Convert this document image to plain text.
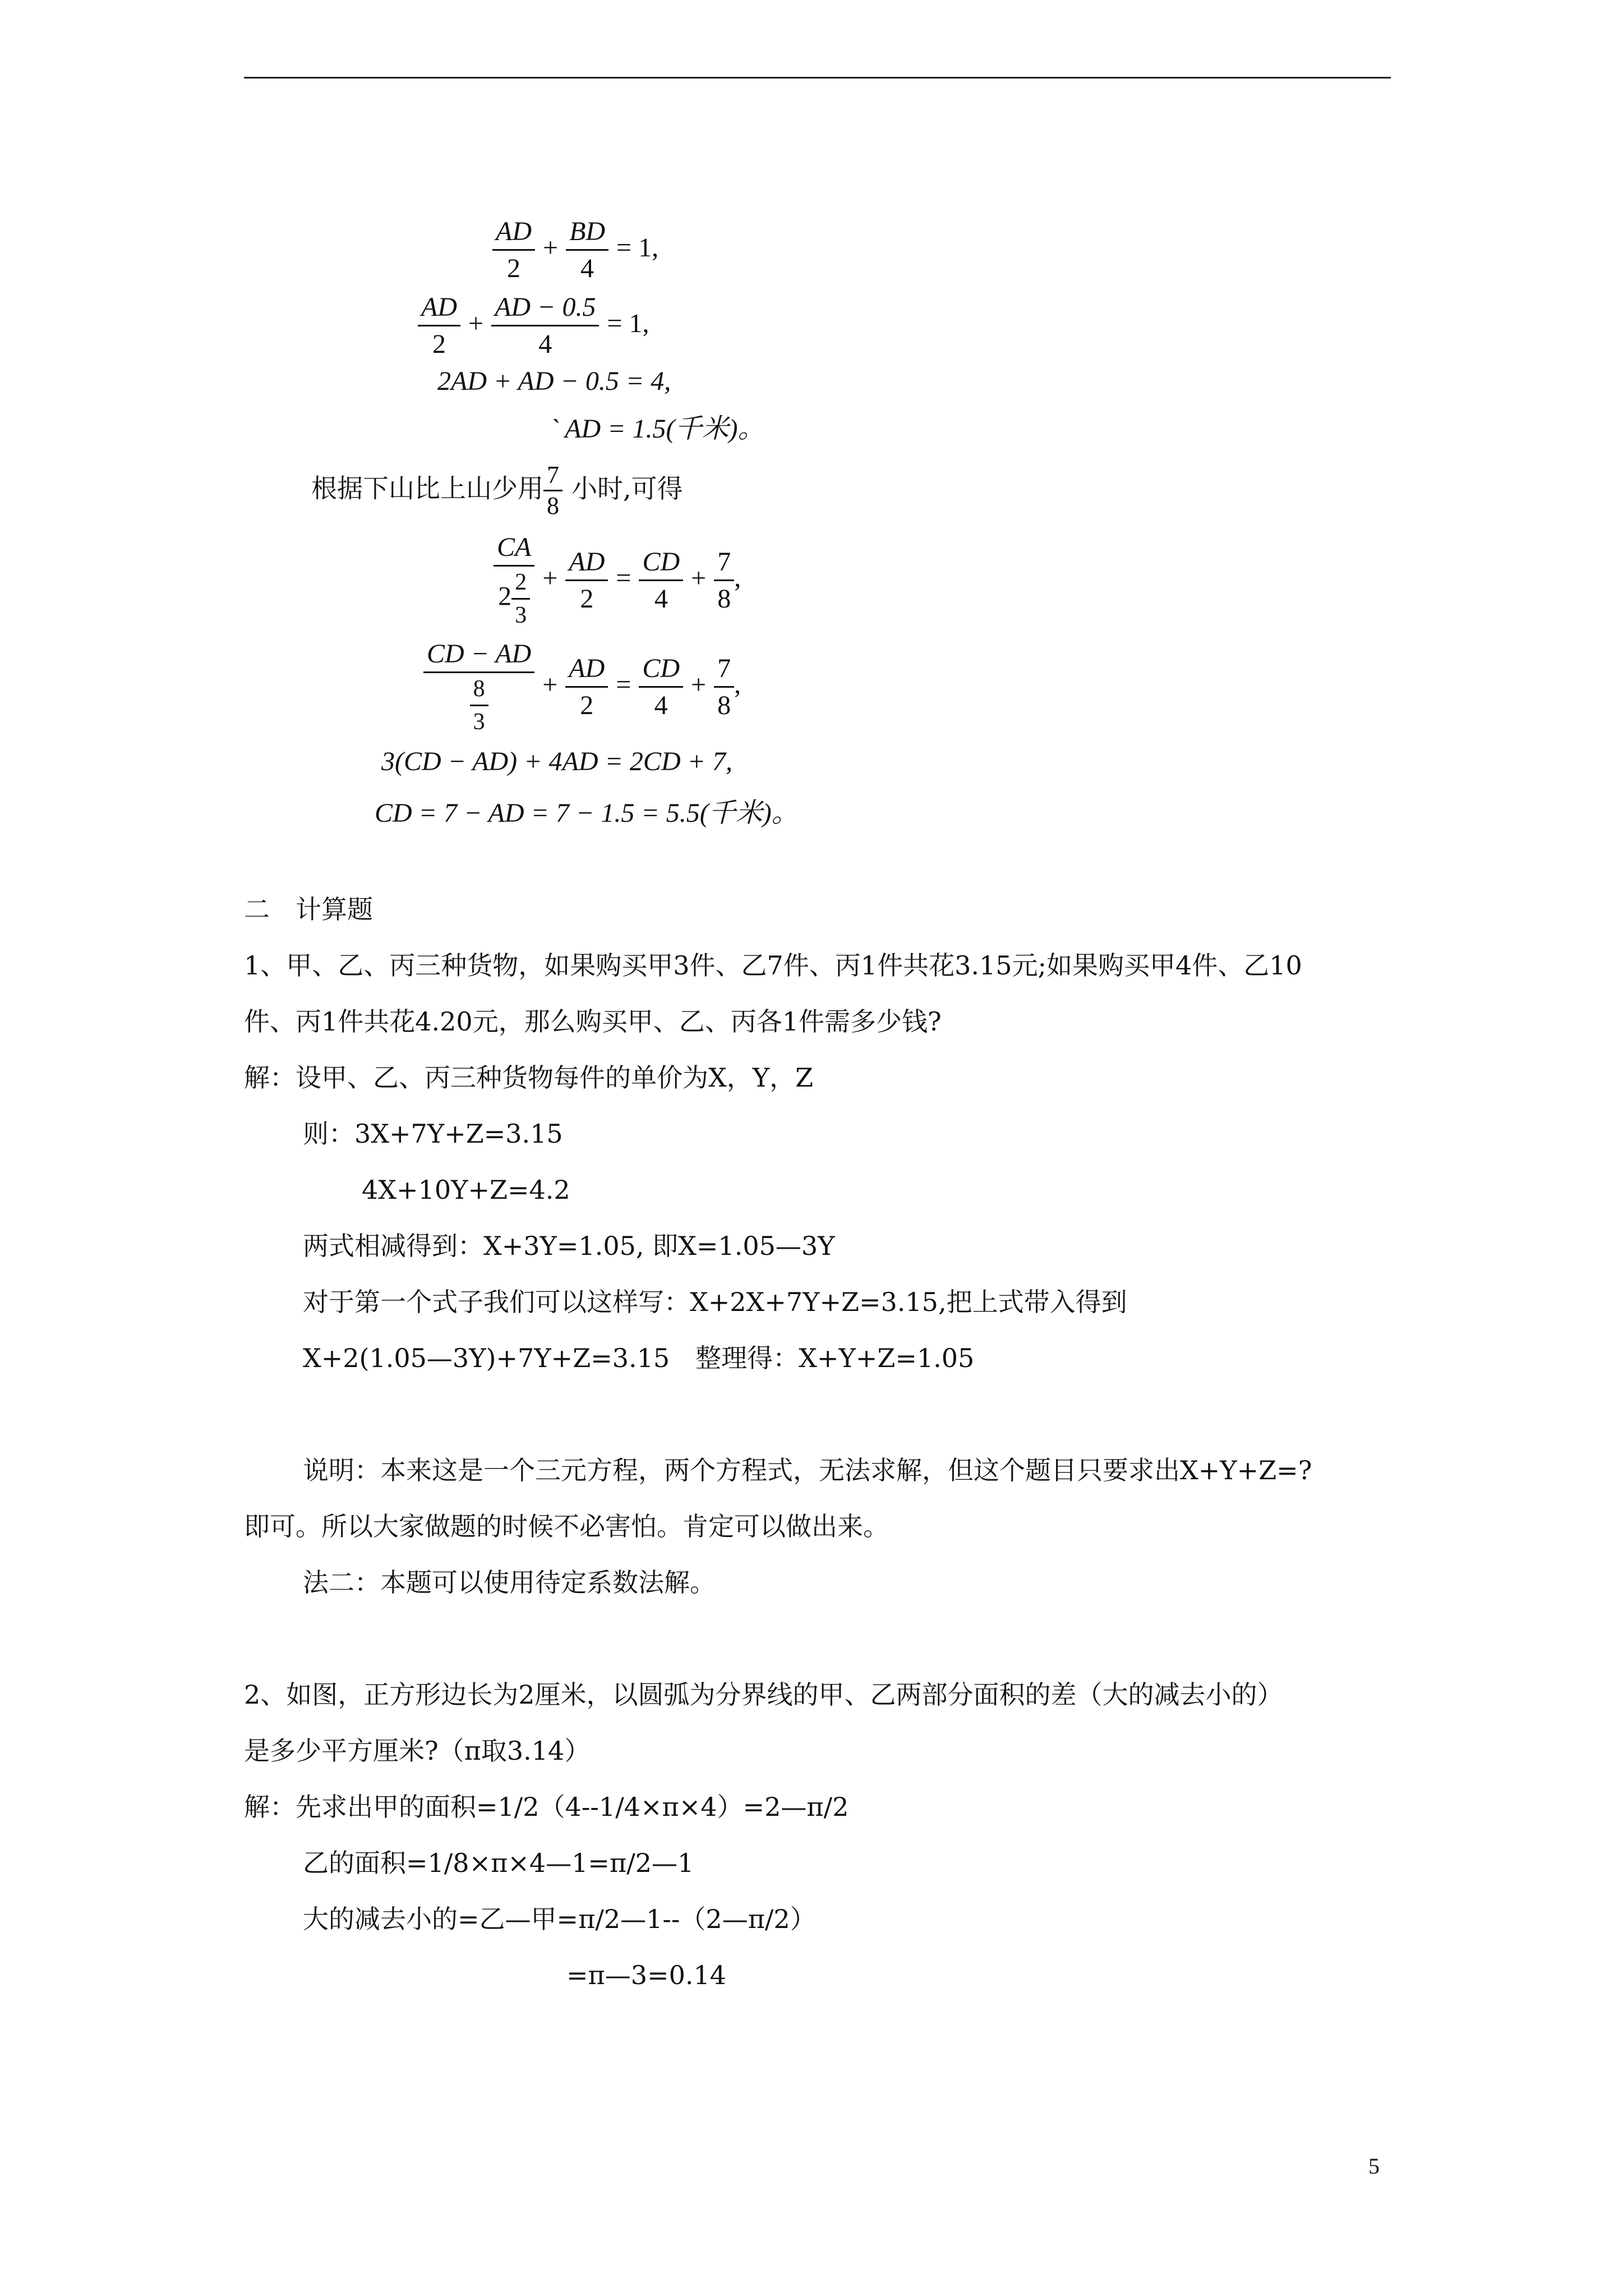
$\frac{AD}{2} + \frac{BD}{4} = 1$,
$\frac{AD}{2} + \frac{AD - 0.5}{4} = 1$,
2AD + AD − 0.5 = 4,
` AD = 1.5(千米)。
根据下山比上山少用 $\frac{7}{8}$ 小时,可得
$\frac{CA}{2 \frac{2}{3}} + \frac{AD}{2} = \frac{CD}{4} + \frac{7}{8}$ ,
$\frac{CD - AD}{\frac{8}{3}} + \frac{AD}{2} = \frac{CD}{4} + \frac{7}{8}$ ,
3(CD − AD) + 4AD = 2CD + 7,
CD = 7 − AD = 7 − 1.5 = 5.5(千米)。
二　计算题
1、甲、乙、丙三种货物，如果购买甲3件、乙7件、丙1件共花3.15元;如果购买甲4件、乙10
件、丙1件共花4.20元，那么购买甲、乙、丙各1件需多少钱?
解：设甲、乙、丙三种货物每件的单价为X，Y，Z
则：3X+7Y+Z=3.15
4X+10Y+Z=4.2
两式相减得到：X+3Y=1.05, 即X=1.05—3Y
对于第一个式子我们可以这样写：X+2X+7Y+Z=3.15,把上式带入得到
X+2(1.05—3Y)+7Y+Z=3.15　整理得：X+Y+Z=1.05
说明：本来这是一个三元方程，两个方程式，无法求解，但这个题目只要求出X+Y+Z=?
即可。所以大家做题的时候不必害怕。肯定可以做出来。
法二：本题可以使用待定系数法解。
2、如图，正方形边长为2厘米，以圆弧为分界线的甲、乙两部分面积的差（大的减去小的）
是多少平方厘米?（π取3.14）
解：先求出甲的面积=1/2（4--1/4×π×4）=2—π/2
乙的面积=1/8×π×4—1=π/2—1
大的减去小的=乙—甲=π/2—1--（2—π/2）
=π—3=0.14
5
